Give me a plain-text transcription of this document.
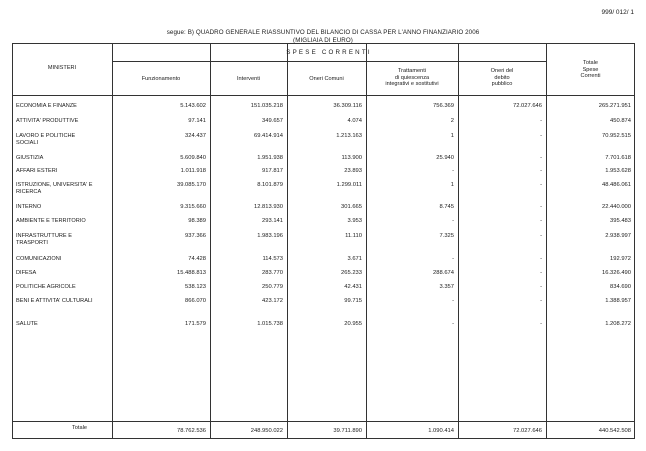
999/ 012/ 1
segue: B) QUADRO GENERALE RIASSUNTIVO DEL BILANCIO DI CASSA PER L'ANNO FINANZIARIO 2006
(MIGLIAIA DI EURO)
MINISTERI
SPESE CORRENTI
Funzionamento	Interventi	Oneri Comuni
Trattamenti
di quiescenza
integrativi e sostitutivi
Oneri del
debito
pubblico
Totale
Spese
Correnti
ECONOMIA E FINANZE	5.143.602	151.035.218	36.309.116	756.369	72.027.646	265.271.951
ATTIVITA' PRODUTTIVE	97.141	349.657	4.074	2	-	450.874
LAVORO E POLITICHE
SOCIALI
324.437	69.414.914	1.213.163	1	-	70.952.515
GIUSTIZIA	5.609.840	1.951.938	113.900	25.940	-	7.701.618
AFFARI ESTERI	1.011.918	917.817	23.893	-	-	1.953.628
ISTRUZIONE, UNIVERSITA' E
RICERCA
39.085.170	8.101.879	1.299.011	1	-	48.486.061
INTERNO	9.315.660	12.813.930	301.665	8.745	-	22.440.000
AMBIENTE E TERRITORIO	98.389	293.141	3.953	-	-	395.483
INFRASTRUTTURE E
TRASPORTI
937.366	1.983.196	11.110	7.325	-	2.938.997
COMUNICAZIONI	74.428	114.573	3.671	-	-	192.972
DIFESA	15.488.813	283.770	265.233	288.674	-	16.326.490
POLITICHE AGRICOLE	538.123	250.779	42.431	3.357	-	834.690
BENI E ATTIVITA' CULTURALI	866.070	423.172	99.715	-	-	1.388.957
SALUTE	171.579	1.015.738	20.955	-	-	1.208.272
Totale	78.762.536	248.950.022	39.711.890	1.090.414	72.027.646	440.542.508
